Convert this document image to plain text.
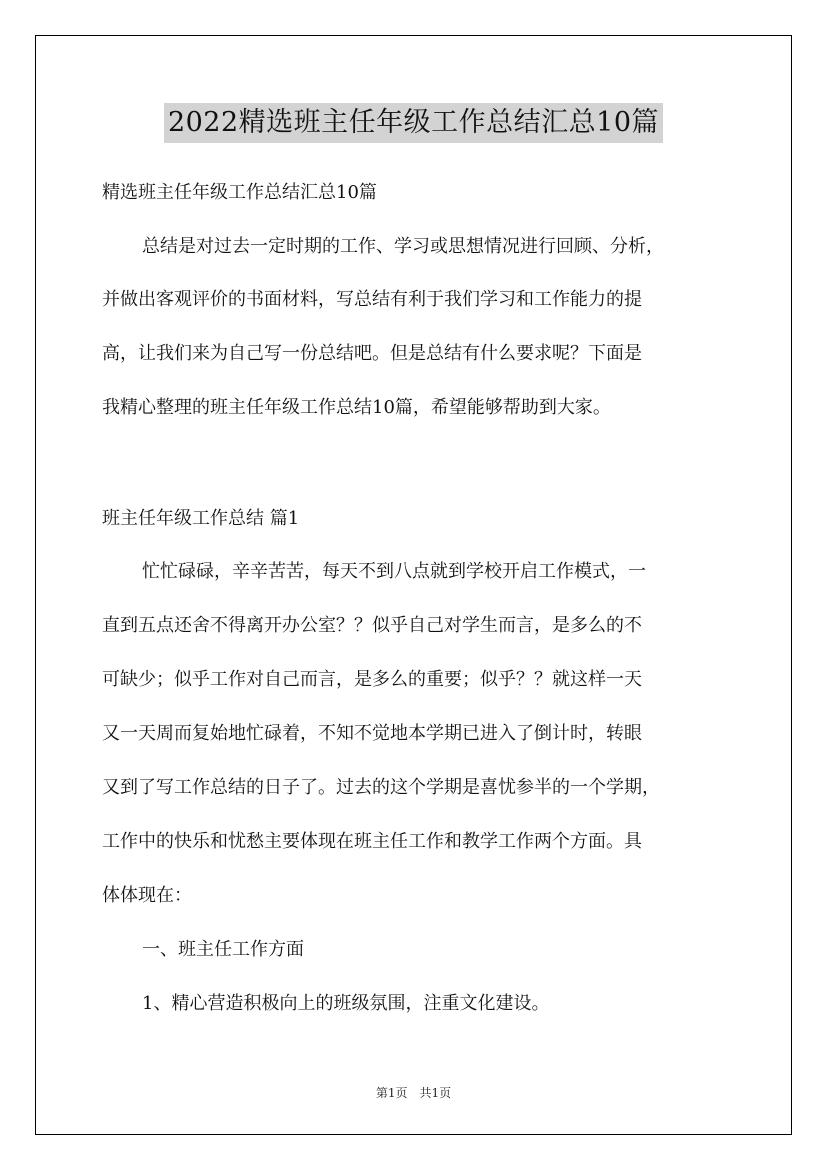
2022精选班主任年级工作总结汇总10篇

精选班主任年级工作总结汇总10篇

总结是对过去一定时期的工作、学习或思想情况进行回顾、分析，

并做出客观评价的书面材料，写总结有利于我们学习和工作能力的提

高，让我们来为自己写一份总结吧。但是总结有什么要求呢？下面是

我精心整理的班主任年级工作总结10篇，希望能够帮助到大家。

班主任年级工作总结 篇1

忙忙碌碌，辛辛苦苦，每天不到八点就到学校开启工作模式，一

直到五点还舍不得离开办公室？？似乎自己对学生而言，是多么的不

可缺少；似乎工作对自己而言，是多么的重要；似乎？？就这样一天

又一天周而复始地忙碌着，不知不觉地本学期已进入了倒计时，转眼

又到了写工作总结的日子了。过去的这个学期是喜忧参半的一个学期，

工作中的快乐和忧愁主要体现在班主任工作和教学工作两个方面。具

体体现在：

一、班主任工作方面

1、精心营造积极向上的班级氛围，注重文化建设。

第1页　共1页
